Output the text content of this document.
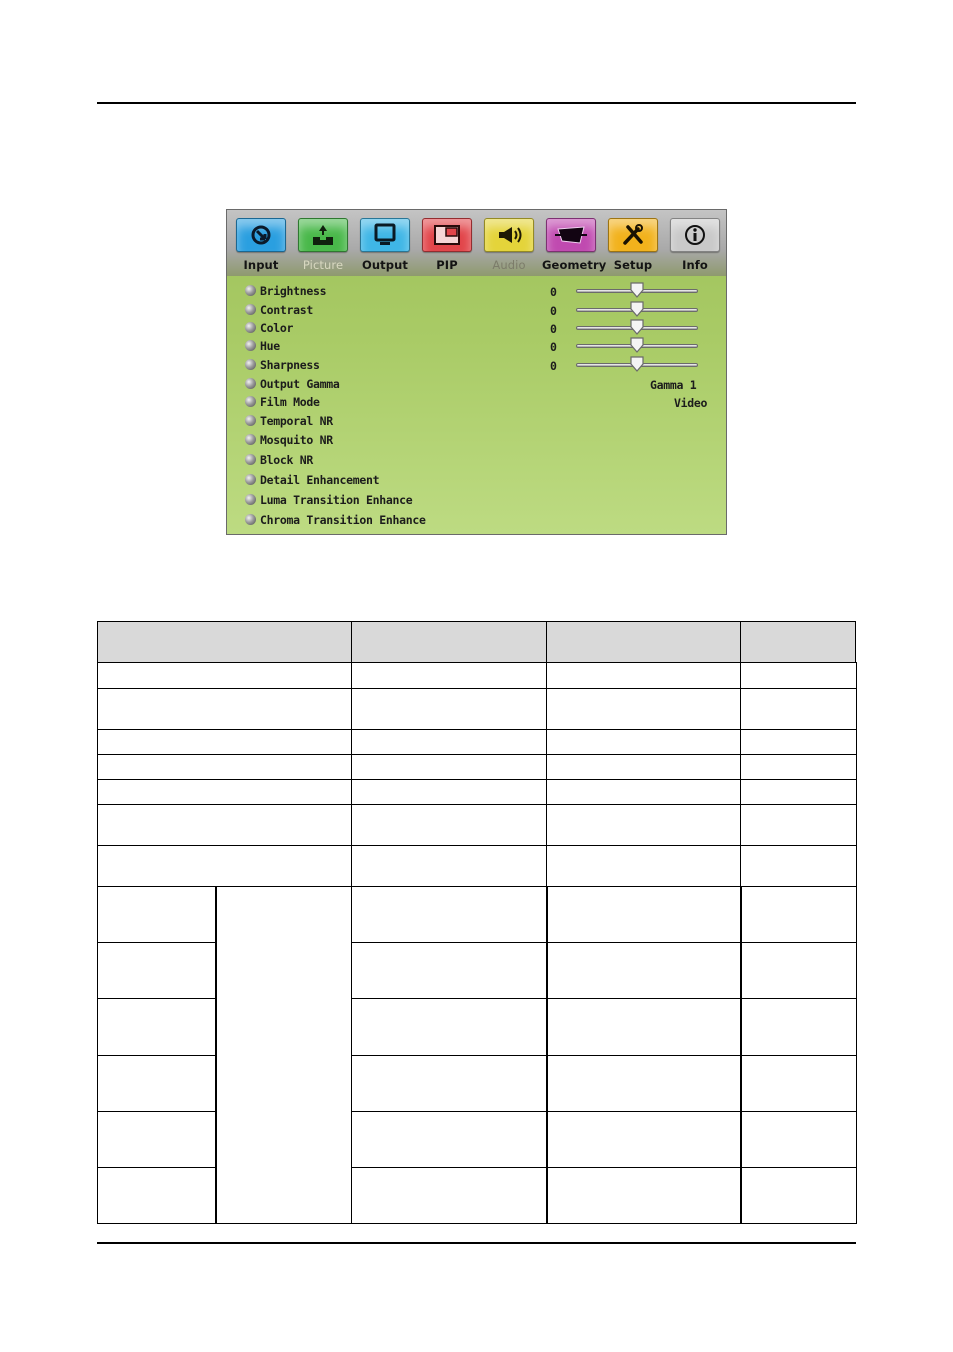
Input	Picture	Output	PIP	Audio	Geometry Setup	Info
Brightness
Contrast
Color
Hue
Sharpness
Output Gamma
Film Mode
Temporal NR
Mosquito NR
Block NR
Detail Enhancement
Luma Transition Enhance
Chroma Transition Enhance
0
0
0
0
0
Gamma 1
Video
